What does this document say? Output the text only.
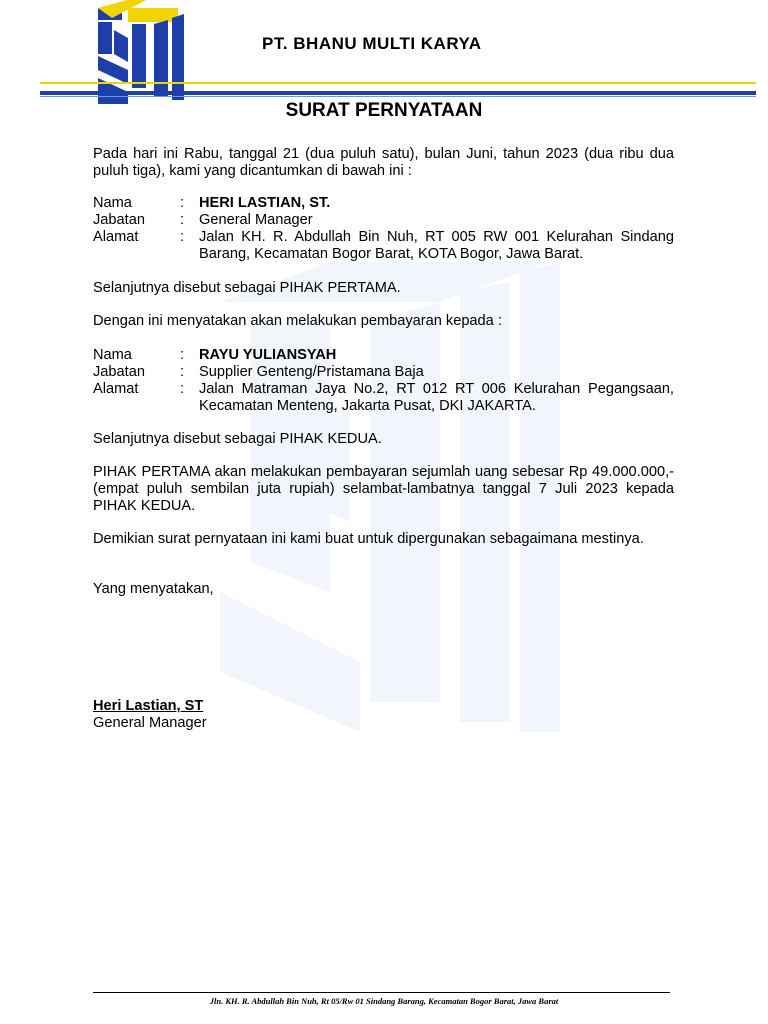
PT. BHANU MULTI KARYA
SURAT PERNYATAAN
Pada hari ini Rabu, tanggal 21 (dua puluh satu), bulan Juni, tahun 2023 (dua ribu dua puluh tiga), kami yang dicantumkan di bawah ini :
Nama	: HERI LASTIAN, ST.
Jabatan : General Manager
Alamat	: Jalan KH. R. Abdullah Bin Nuh, RT 005 RW 001 Kelurahan Sindang Barang, Kecamatan Bogor Barat, KOTA Bogor, Jawa Barat.
Selanjutnya disebut sebagai PIHAK PERTAMA.
Dengan ini menyatakan akan melakukan pembayaran kepada :
Nama	: RAYU YULIANSYAH
Jabatan : Supplier Genteng/Pristamana Baja
Alamat	: Jalan Matraman Jaya No.2, RT 012 RT 006 Kelurahan Pegangsaan, Kecamatan Menteng, Jakarta Pusat, DKI JAKARTA.
Selanjutnya disebut sebagai PIHAK KEDUA.
PIHAK PERTAMA akan melakukan pembayaran sejumlah uang sebesar Rp 49.000.000,- (empat puluh sembilan juta rupiah) selambat-lambatnya tanggal 7 Juli 2023 kepada PIHAK KEDUA.
Demikian surat pernyataan ini kami buat untuk dipergunakan sebagaimana mestinya.
Yang menyatakan,
Heri Lastian, ST
General Manager
Jln. KH. R. Abdullah Bin Nuh, Rt 05/Rw 01 Sindang Barang, Kecamatan Bogor Barat, Jawa Barat
